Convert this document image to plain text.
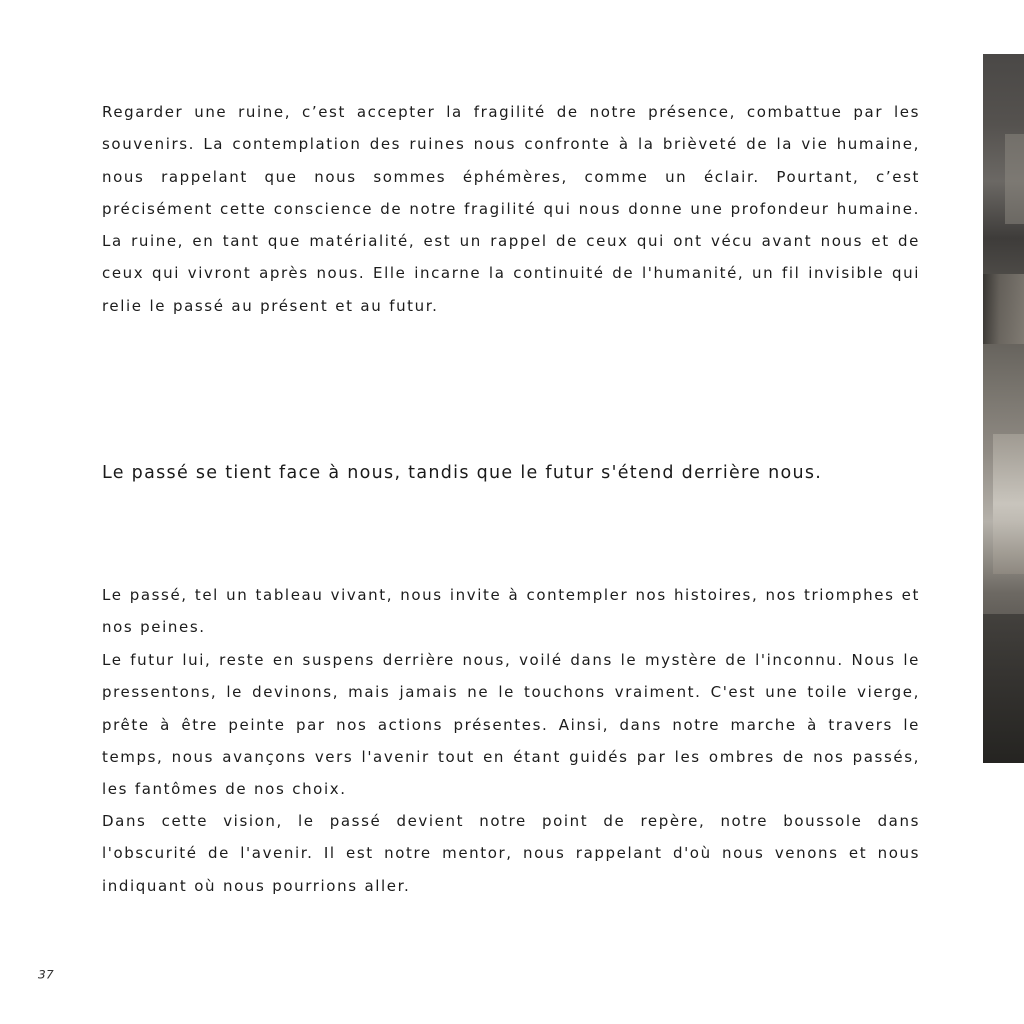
Regarder une ruine, c’est accepter la fragilité de notre présence, combattue par les souvenirs. La contemplation des ruines nous confronte à la brièveté de la vie humaine, nous rappelant que nous sommes éphémères, comme un éclair. Pourtant, c’est précisément cette conscience de notre fragilité qui nous donne une profondeur humaine. La ruine, en tant que matérialité, est un rappel de ceux qui ont vécu avant nous et de ceux qui vivront après nous. Elle incarne la continuité de l'humanité, un fil invisible qui relie le passé au présent et au futur.

Le passé se tient face à nous, tandis que le futur s'étend derrière nous.

Le passé, tel un tableau vivant, nous invite à contempler nos histoires, nos triomphes et nos peines.

Le futur lui, reste en suspens derrière nous, voilé dans le mystère de l'inconnu. Nous le pressentons, le devinons, mais jamais ne le touchons vraiment. C'est une toile vierge, prête à être peinte par nos actions présentes. Ainsi, dans notre marche à travers le temps, nous avançons vers l'avenir tout en étant guidés par les ombres de nos passés, les fantômes de nos choix.

Dans cette vision, le passé devient notre point de repère, notre boussole dans l'obscurité de l'avenir. Il est notre mentor, nous rappelant d'où nous venons et nous indiquant où nous pourrions aller.

37
